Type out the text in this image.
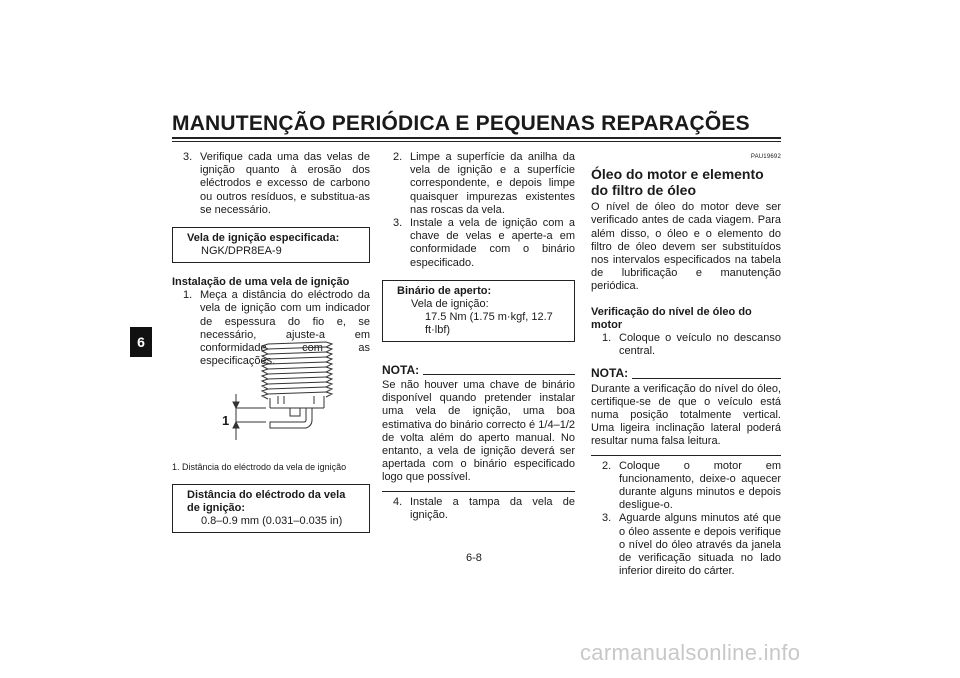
MANUTENÇÃO PERIÓDICA E PEQUENAS REPARAÇÕES
6
3. Verifique cada uma das velas de ignição quanto à erosão dos eléctrodos e excesso de carbono ou outros resíduos, e substitua-as se necessário.
Vela de ignição especificada:
NGK/DPR8EA-9

Instalação de uma vela de ignição

1. Meça a distância do eléctrodo da vela de ignição com um indicador de espessura do fio e, se necessário, ajuste-a em conformidade com as especificações.
1
1. Distância do eléctrodo da vela de ignição
Distância do eléctrodo da vela de ignição:
0.8–0.9 mm (0.031–0.035 in)
2. Limpe a superfície da anilha da vela de ignição e a superfície correspondente, e depois limpe quaisquer impurezas existentes nas roscas da vela.
3. Instale a vela de ignição com a chave de velas e aperte-a em conformidade com o binário especificado.
Binário de aperto:
Vela de ignição:
17.5 Nm (1.75 m·kgf, 12.7 ft·lbf)
NOTA:

Se não houver uma chave de binário disponível quando pretender instalar uma vela de ignição, uma boa estimativa do binário correcto é 1/4–1/2 de volta além do aperto manual. No entanto, a vela de ignição deverá ser apertada com o binário especificado logo que possível.

4. Instale a tampa da vela de ignição.
PAU19692
Óleo do motor e elemento do filtro de óleo

O nível de óleo do motor deve ser verificado antes de cada viagem. Para além disso, o óleo e o elemento do filtro de óleo devem ser substituídos nos intervalos especificados na tabela de lubrificação e manutenção periódica.

Verificação do nível de óleo do motor

1. Coloque o veículo no descanso central.
NOTA:

Durante a verificação do nível do óleo, certifique-se de que o veículo está numa posição totalmente vertical. Uma ligeira inclinação lateral poderá resultar numa falsa leitura.

2. Coloque o motor em funcionamento, deixe-o aquecer durante alguns minutos e depois desligue-o.
3. Aguarde alguns minutos até que o óleo assente e depois verifique o nível do óleo através da janela de verificação situada no lado inferior direito do cárter.
6-8
carmanualsonline.info
